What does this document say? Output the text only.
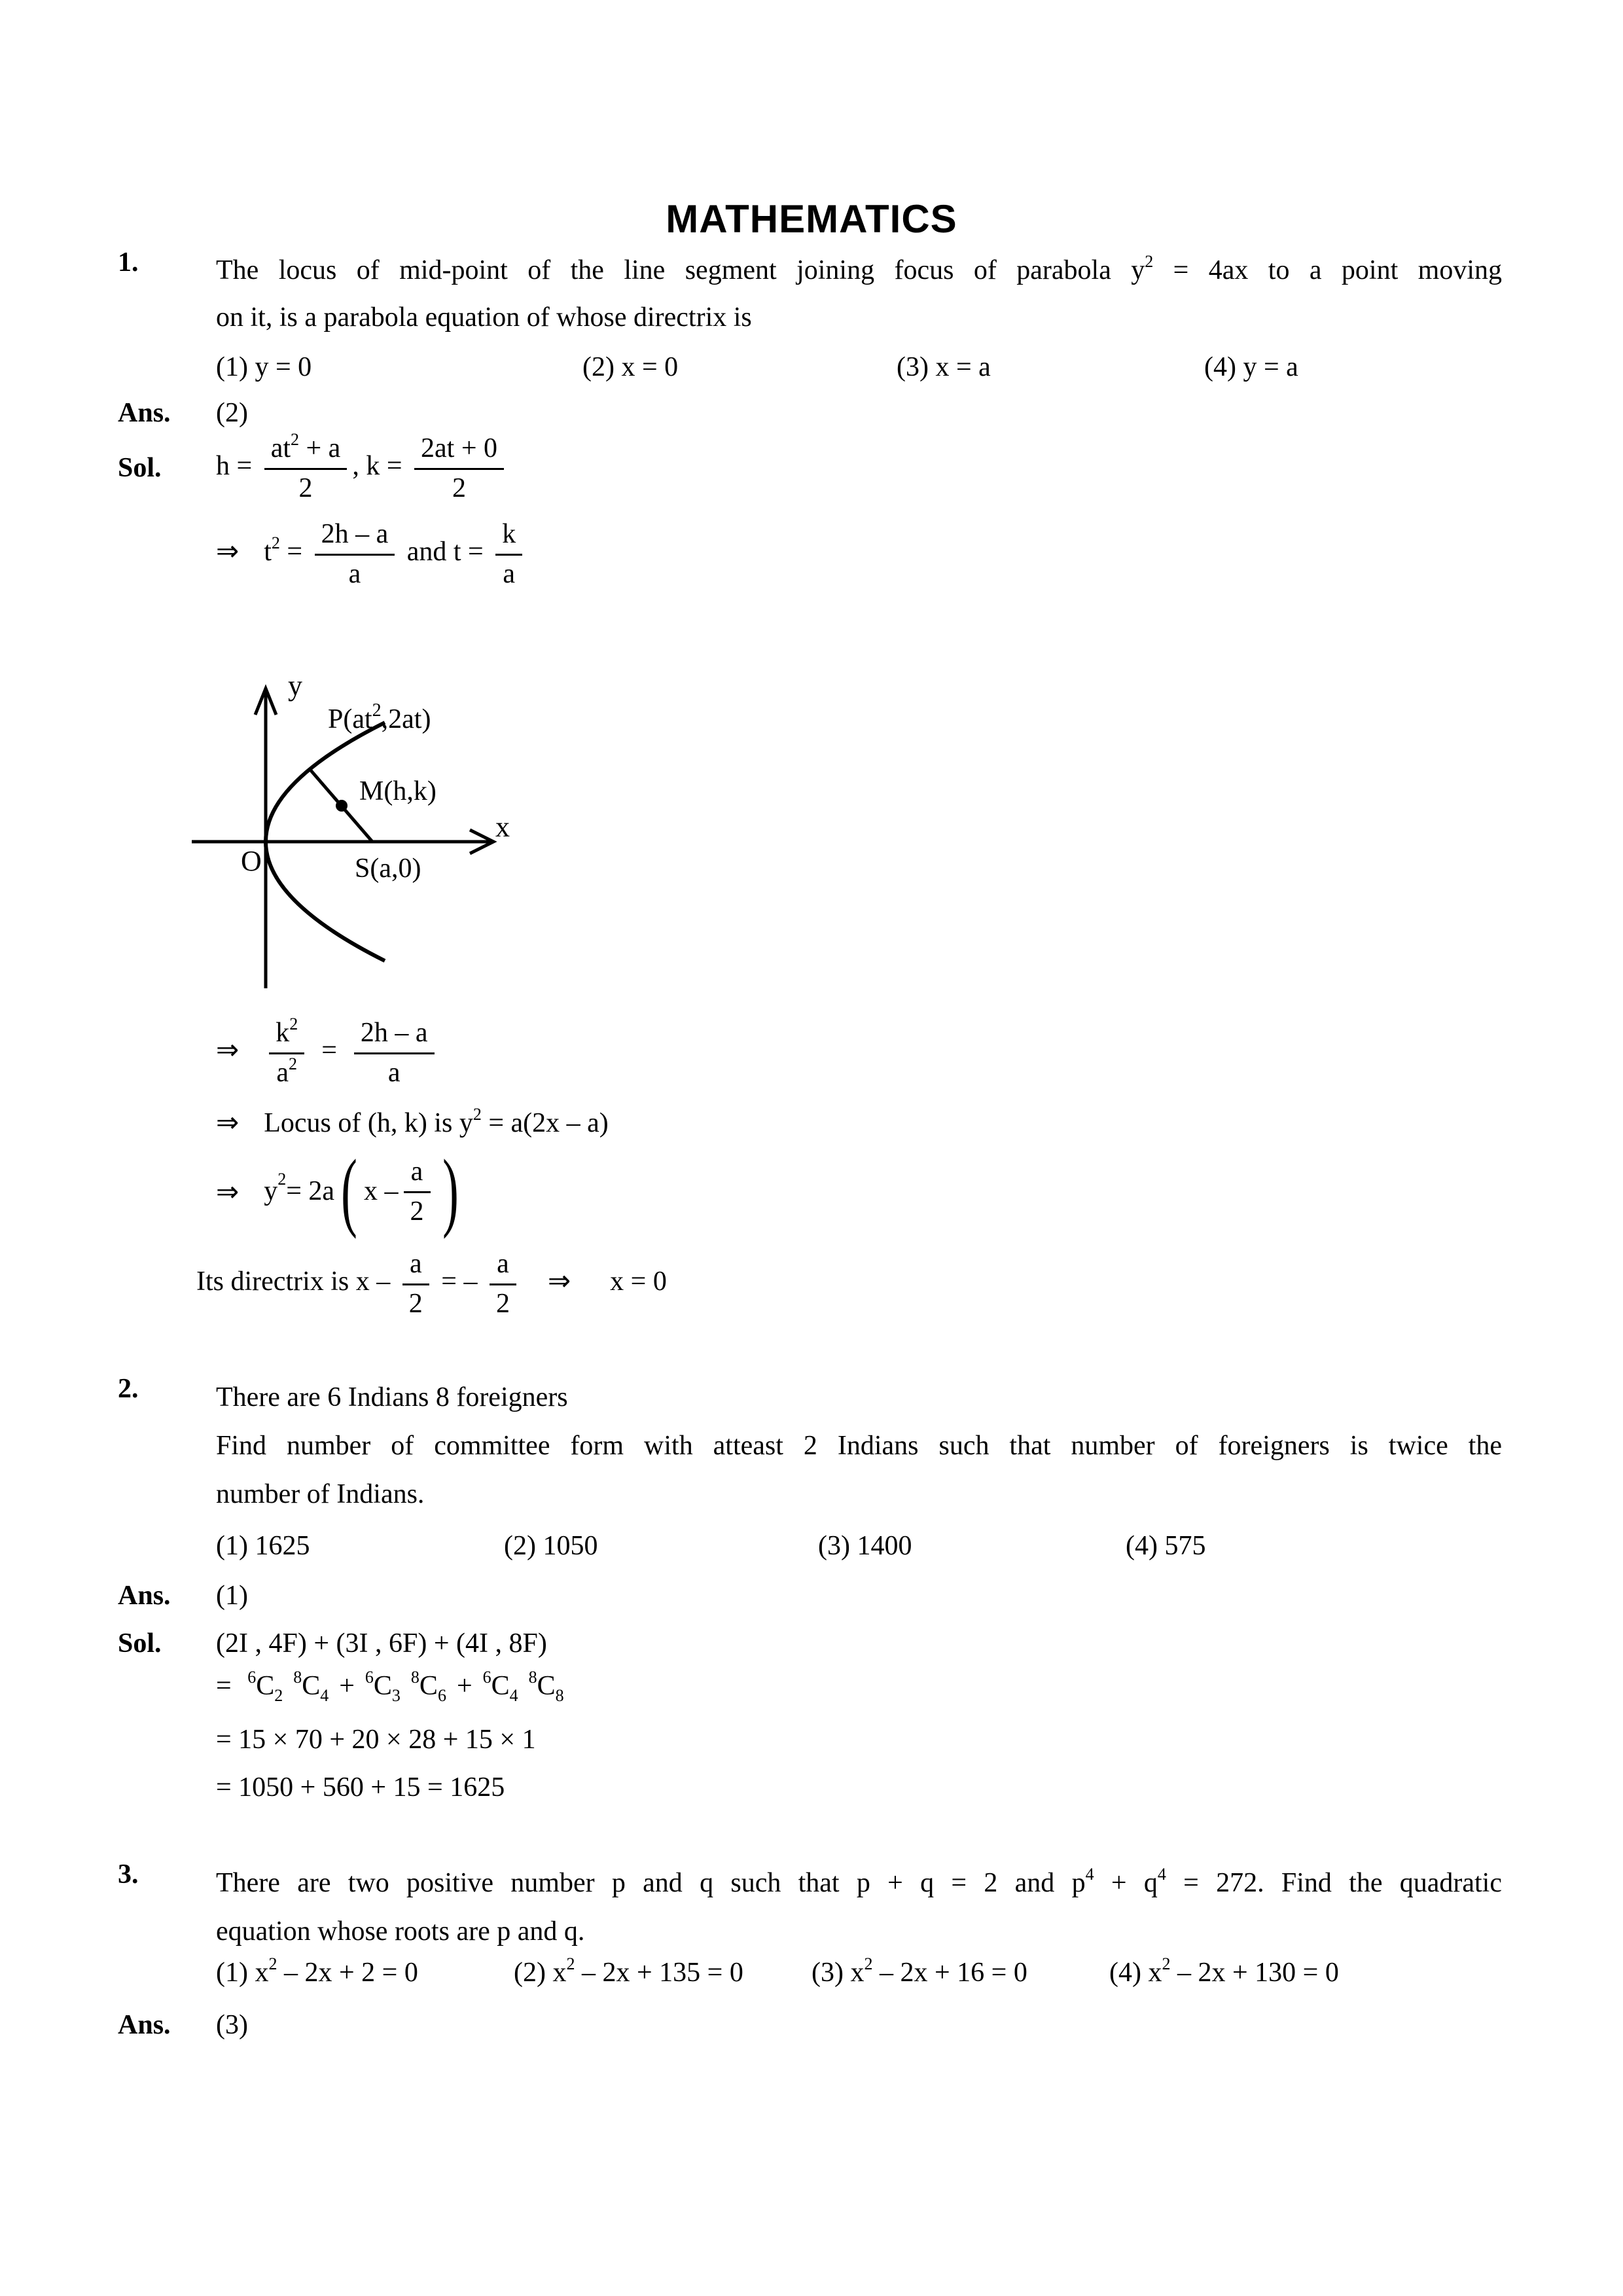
MATHEMATICS
1.	The locus of mid-point of the line segment joining focus of parabola $y^2 = 4ax$ to a point moving
on it, is a parabola equation of whose directrix is
(1) y = 0	(2) x = 0	(3) x = a	(4) y = a
Ans.	(2)
Sol.	$h = \frac{at^2 + a}{2}$ , $k = \frac{2at + 0}{2}$
⇒ $t^2 = \frac{2h - a}{a}$ and $t = \frac{k}{a}$
y
x
O
$P(at^2,2at)$
M(h,k)
S(a,0)
⇒ $\frac{k^2}{a^2} = \frac{2h - a}{a}$
⇒ Locus of (h, k) is $y^2 = a(2x - a)$
⇒ y 2 = 2a ( x – $\frac{a}{2}$ )
Its directrix is x – $\frac{a}{2}$ = – $\frac{a}{2}$ ⇒ x = 0
2.	There are 6 Indians 8 foreigners
Find number of committee form with atteast 2 Indians such that number of foreigners is twice the
number of Indians.
(1) 1625	(2) 1050	(3) 1400	(4) 575
Ans.	(1)
Sol.	(2I , 4F) + (3I , 6F) + (4I , 8F)
= $^6C_2^8C_4 + ^6C_3^8C_6 + ^6C_4^8C_8$
= 15 × 70 + 20 × 28 + 15 × 1
= 1050 + 560 + 15 = 1625
3.	There are two positive number p and q such that p + q = 2 and $p^4 + q^4 = 272$. Find the quadratic
equation whose roots are p and q.
(1) $x^2 - 2x + 2 = 0$	(2) $x^2 - 2x + 135 = 0$ (3) $x^2 - 2x + 16 = 0$	(4) $x^2 - 2x + 130 = 0$
Ans.	(3)
